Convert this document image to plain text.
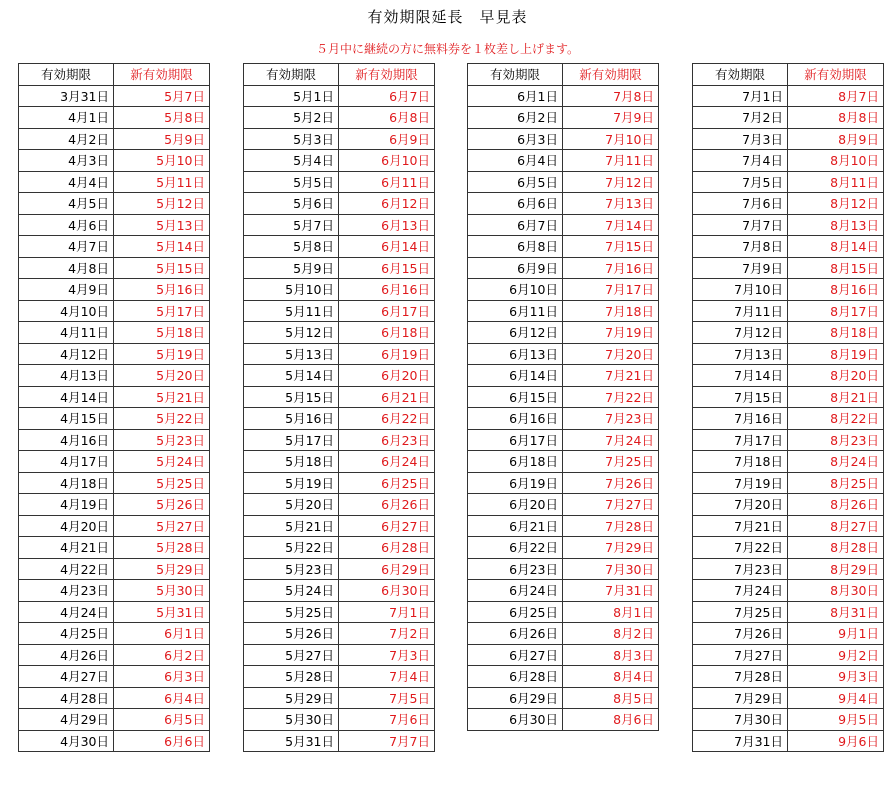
有効期限延長　早見表
５月中に継続の方に無料券を１枚差し上げます。
有効期限	新有効期限
3月31日	5月7日
4月1日	5月8日
4月2日	5月9日
4月3日	5月10日
4月4日	5月11日
4月5日	5月12日
4月6日	5月13日
4月7日	5月14日
4月8日	5月15日
4月9日	5月16日
4月10日	5月17日
4月11日	5月18日
4月12日	5月19日
4月13日	5月20日
4月14日	5月21日
4月15日	5月22日
4月16日	5月23日
4月17日	5月24日
4月18日	5月25日
4月19日	5月26日
4月20日	5月27日
4月21日	5月28日
4月22日	5月29日
4月23日	5月30日
4月24日	5月31日
4月25日	6月1日
4月26日	6月2日
4月27日	6月3日
4月28日	6月4日
4月29日	6月5日
4月30日	6月6日
有効期限	新有効期限
5月1日	6月7日
5月2日	6月8日
5月3日	6月9日
5月4日	6月10日
5月5日	6月11日
5月6日	6月12日
5月7日	6月13日
5月8日	6月14日
5月9日	6月15日
5月10日	6月16日
5月11日	6月17日
5月12日	6月18日
5月13日	6月19日
5月14日	6月20日
5月15日	6月21日
5月16日	6月22日
5月17日	6月23日
5月18日	6月24日
5月19日	6月25日
5月20日	6月26日
5月21日	6月27日
5月22日	6月28日
5月23日	6月29日
5月24日	6月30日
5月25日	7月1日
5月26日	7月2日
5月27日	7月3日
5月28日	7月4日
5月29日	7月5日
5月30日	7月6日
5月31日	7月7日
有効期限	新有効期限
6月1日	7月8日
6月2日	7月9日
6月3日	7月10日
6月4日	7月11日
6月5日	7月12日
6月6日	7月13日
6月7日	7月14日
6月8日	7月15日
6月9日	7月16日
6月10日	7月17日
6月11日	7月18日
6月12日	7月19日
6月13日	7月20日
6月14日	7月21日
6月15日	7月22日
6月16日	7月23日
6月17日	7月24日
6月18日	7月25日
6月19日	7月26日
6月20日	7月27日
6月21日	7月28日
6月22日	7月29日
6月23日	7月30日
6月24日	7月31日
6月25日	8月1日
6月26日	8月2日
6月27日	8月3日
6月28日	8月4日
6月29日	8月5日
6月30日	8月6日
有効期限	新有効期限
7月1日	8月7日
7月2日	8月8日
7月3日	8月9日
7月4日	8月10日
7月5日	8月11日
7月6日	8月12日
7月7日	8月13日
7月8日	8月14日
7月9日	8月15日
7月10日	8月16日
7月11日	8月17日
7月12日	8月18日
7月13日	8月19日
7月14日	8月20日
7月15日	8月21日
7月16日	8月22日
7月17日	8月23日
7月18日	8月24日
7月19日	8月25日
7月20日	8月26日
7月21日	8月27日
7月22日	8月28日
7月23日	8月29日
7月24日	8月30日
7月25日	8月31日
7月26日	9月1日
7月27日	9月2日
7月28日	9月3日
7月29日	9月4日
7月30日	9月5日
7月31日	9月6日
